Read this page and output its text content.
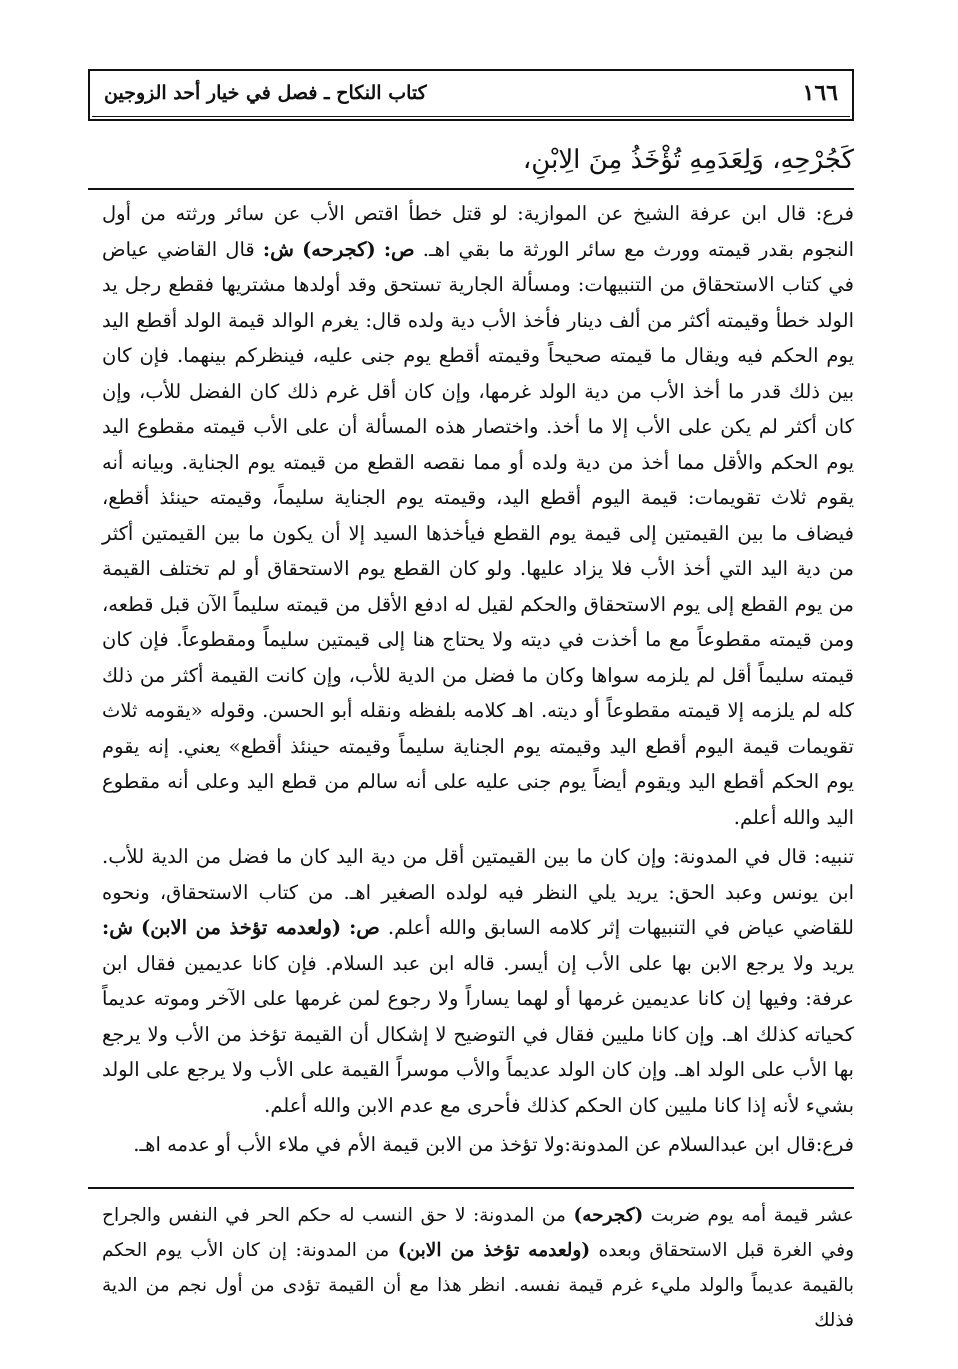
١٦٦
كتاب النكاح ـ فصل في خيار أحد الزوجين
كَجُرْحِهِ، وَلِعَدَمِهِ تُؤْخَذُ مِنَ الِابْنِ،

فرع: قال ابن عرفة الشيخ عن الموازية: لو قتل خطأ اقتص الأب عن سائر ورثته من أول النجوم بقدر قيمته وورث مع سائر الورثة ما بقي اهـ. ص: (كجرحه) ش: قال القاضي عياض في كتاب الاستحقاق من التنبيهات: ومسألة الجارية تستحق وقد أولدها مشتريها فقطع رجل يد الولد خطأ وقيمته أكثر من ألف دينار فأخذ الأب دية ولده قال: يغرم الوالد قيمة الولد أقطع اليد يوم الحكم فيه ويقال ما قيمته صحيحاً وقيمته أقطع يوم جنى عليه، فينظركم بينهما. فإن كان بين ذلك قدر ما أخذ الأب من دية الولد غرمها، وإن كان أقل غرم ذلك كان الفضل للأب، وإن كان أكثر لم يكن على الأب إلا ما أخذ. واختصار هذه المسألة أن على الأب قيمته مقطوع اليد يوم الحكم والأقل مما أخذ من دية ولده أو مما نقصه القطع من قيمته يوم الجناية. وبيانه أنه يقوم ثلاث تقويمات: قيمة اليوم أقطع اليد، وقيمته يوم الجناية سليماً، وقيمته حينئذ أقطع، فيضاف ما بين القيمتين إلى قيمة يوم القطع فيأخذها السيد إلا أن يكون ما بين القيمتين أكثر من دية اليد التي أخذ الأب فلا يزاد عليها. ولو كان القطع يوم الاستحقاق أو لم تختلف القيمة من يوم القطع إلى يوم الاستحقاق والحكم لقيل له ادفع الأقل من قيمته سليماً الآن قبل قطعه، ومن قيمته مقطوعاً مع ما أخذت في ديته ولا يحتاج هنا إلى قيمتين سليماً ومقطوعاً. فإن كان قيمته سليماً أقل لم يلزمه سواها وكان ما فضل من الدية للأب، وإن كانت القيمة أكثر من ذلك كله لم يلزمه إلا قيمته مقطوعاً أو ديته. اهـ كلامه بلفظه ونقله أبو الحسن. وقوله «يقومه ثلاث تقويمات قيمة اليوم أقطع اليد وقيمته يوم الجناية سليماً وقيمته حينئذ أقطع» يعني. إنه يقوم يوم الحكم أقطع اليد ويقوم أيضاً يوم جنى عليه على أنه سالم من قطع اليد وعلى أنه مقطوع اليد والله أعلم.

تنبيه: قال في المدونة: وإن كان ما بين القيمتين أقل من دية اليد كان ما فضل من الدية للأب. ابن يونس وعبد الحق: يريد يلي النظر فيه لولده الصغير اهـ. من كتاب الاستحقاق، ونحوه للقاضي عياض في التنبيهات إثر كلامه السابق والله أعلم. ص: (ولعدمه تؤخذ من الابن) ش: يريد ولا يرجع الابن بها على الأب إن أيسر. قاله ابن عبد السلام. فإن كانا عديمين فقال ابن عرفة: وفيها إن كانا عديمين غرمها أو لهما يساراً ولا رجوع لمن غرمها على الآخر وموته عديماً كحياته كذلك اهـ. وإن كانا مليين فقال في التوضيح لا إشكال أن القيمة تؤخذ من الأب ولا يرجع بها الأب على الولد اهـ. وإن كان الولد عديماً والأب موسراً القيمة على الأب ولا يرجع على الولد بشيء لأنه إذا كانا مليين كان الحكم كذلك فأحرى مع عدم الابن والله أعلم.

فرع:قال ابن عبدالسلام عن المدونة:ولا تؤخذ من الابن قيمة الأم في ملاء الأب أو عدمه اهـ.

عشر قيمة أمه يوم ضربت (كجرحه) من المدونة: لا حق النسب له حكم الحر في النفس والجراح وفي الغرة قبل الاستحقاق وبعده (ولعدمه تؤخذ من الابن) من المدونة: إن كان الأب يوم الحكم بالقيمة عديماً والولد مليء غرم قيمة نفسه. انظر هذا مع أن القيمة تؤدى من أول نجم من الدية فذلك
